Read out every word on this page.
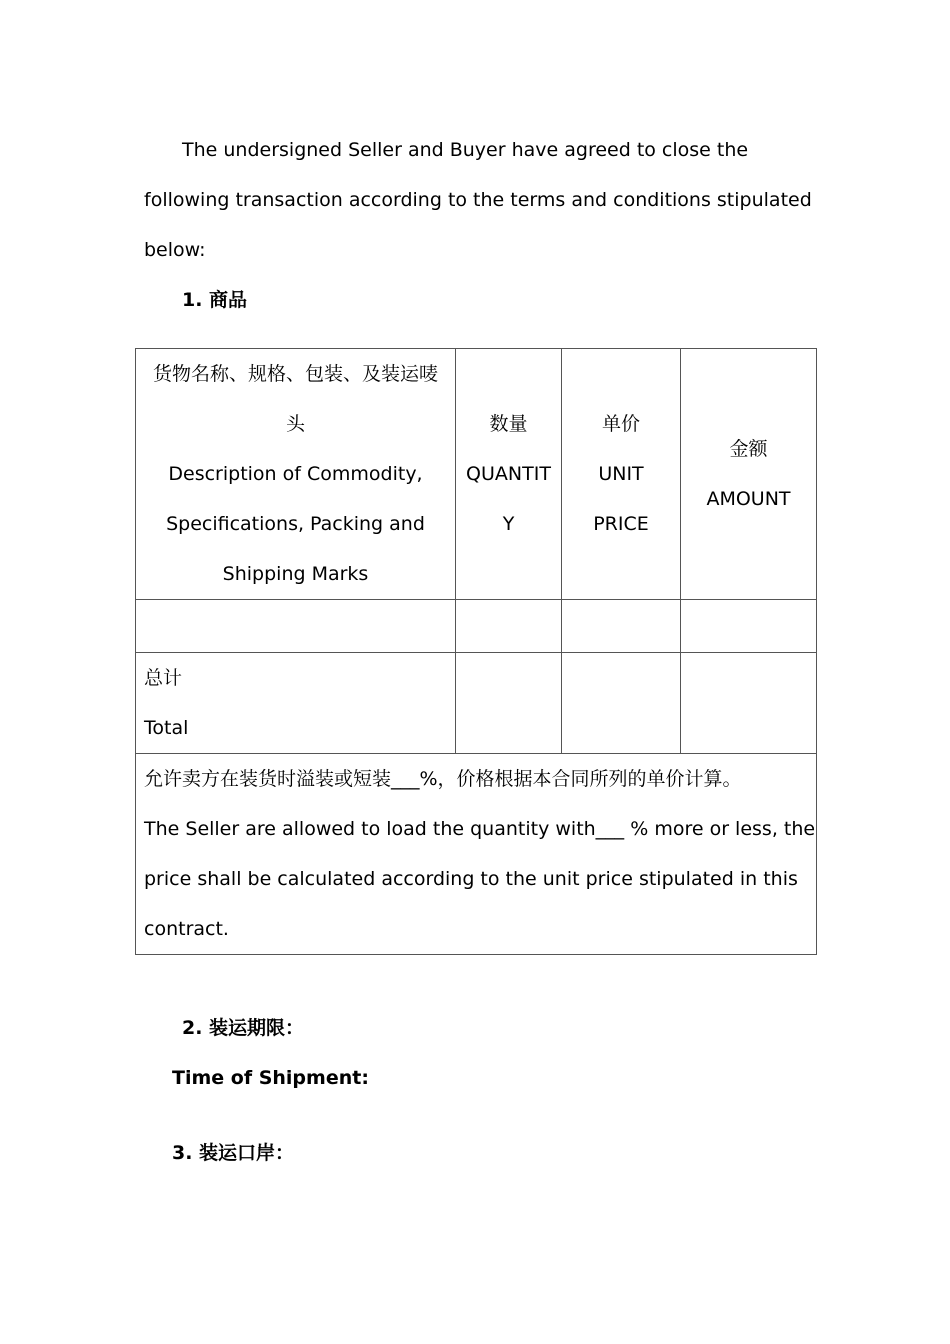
The undersigned Seller and Buyer have agreed to close the
following transaction according to the terms and conditions stipulated
below:
1. 商品
货物名称、规格、包装、及装运唛
头
Description of Commodity,
Specifications, Packing and
Shipping Marks	数量
QUANTIT
Y	单价
UNIT
PRICE	金额
AMOUNT

总计
Total			

允许卖方在装货时溢装或短装___%，价格根据本合同所列的单价计算。
The Seller are allowed to load the quantity with___ % more or less, the
price shall be calculated according to the unit price stipulated in this
contract.			
2. 装运期限：
Time of Shipment:
3. 装运口岸：
